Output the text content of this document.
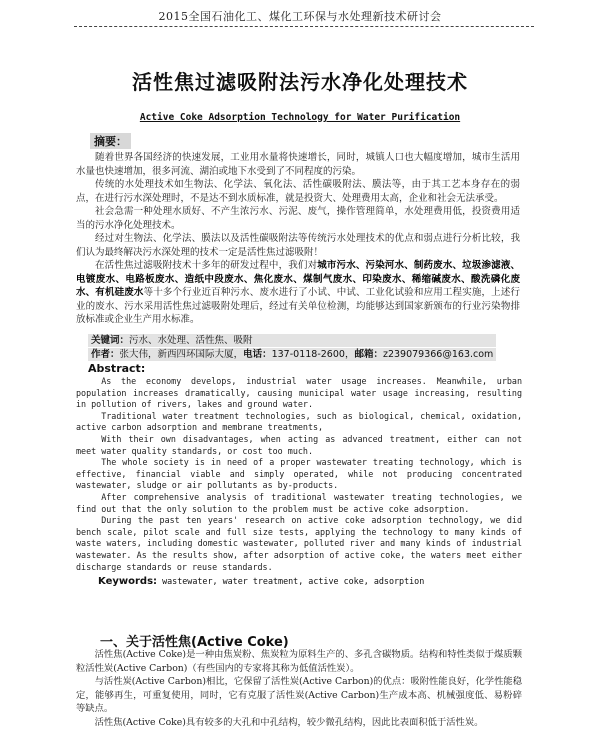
2015全国石油化工、煤化工环保与水处理新技术研讨会
活性焦过滤吸附法污水净化处理技术
Active Coke Adsorption Technology for Water Purification
摘要：

随着世界各国经济的快速发展，工业用水量将快速增长，同时，城镇人口也大幅度增加，城市生活用水量也快速增加，很多河流、湖泊或地下水受到了不同程度的污染。

传统的水处理技术如生物法、化学法、氧化法、活性碳吸附法、膜法等，由于其工艺本身存在的弱点，在进行污水深处理时，不是达不到水质标准，就是投资大、处理费用太高，企业和社会无法承受。

社会急需一种处理水质好、不产生浓污水、污泥、废气，操作管理简单，水处理费用低，投资费用适当的污水净化处理技术。

经过对生物法、化学法、膜法以及活性碳吸附法等传统污水处理技术的优点和弱点进行分析比较，我们认为最终解决污水深处理的技术一定是活性焦过滤吸附！

在活性焦过滤吸附技术十多年的研发过程中，我们对城市污水、污染河水、制药废水、垃圾渗滤液、电镀废水、电路板废水、造纸中段废水、焦化废水、煤制气废水、印染废水、稀缩碱废水、酸洗磷化废水、有机硅废水等十多个行业近百种污水、废水进行了小试、中试、工业化试验和应用工程实施，上述行业的废水、污水采用活性焦过滤吸附处理后，经过有关单位检测，均能够达到国家新颁布的行业污染物排放标准或企业生产用水标准。

关键词：污水、水处理、活性焦、吸附
作者：张大伟，新西四环国际大厦，电话：137-0118-2600，邮箱：z239079366@163.com
Abstract:

As the economy develops, industrial water usage increases. Meanwhile, urban population increases dramatically, causing municipal water usage increasing, resulting in pollution of rivers, lakes and ground water.

Traditional water treatment technologies, such as biological, chemical, oxidation, active carbon adsorption and membrane treatments,

With their own disadvantages, when acting as advanced treatment, either can not meet water quality standards, or cost too much.

The whole society is in need of a proper wastewater treating technology, which is effective, financial viable and simply operated, while not producing concentrated wastewater, sludge or air pollutants as by-products.

After comprehensive analysis of traditional wastewater treating technologies, we find out that the only solution to the problem must be active coke adsorption.

During the past ten years' research on active coke adsorption technology, we did bench scale, pilot scale and full size tests, applying the technology to many kinds of waste waters, including domestic wastewater, polluted river and many kinds of industrial wastewater. As the results show, after adsorption of active coke, the waters meet either discharge standards or reuse standards.

Keywords: wastewater, water treatment, active coke, adsorption
一、关于活性焦(Active Coke)

活性焦(Active Coke)是一种由焦炭粉、焦炭粒为原料生产的、多孔含碳物质。结构和特性类似于煤质颗粒活性炭(Active Carbon)（有些国内的专家将其称为低值活性炭）。

与活性炭(Active Carbon)相比，它保留了活性炭(Active Carbon)的优点：吸附性能良好，化学性能稳定，能够再生，可重复使用，同时，它有克服了活性炭(Active Carbon)生产成本高、机械强度低、易粉碎等缺点。

活性焦(Active Coke)具有较多的大孔和中孔结构，较少微孔结构，因此比表面积低于活性炭。
